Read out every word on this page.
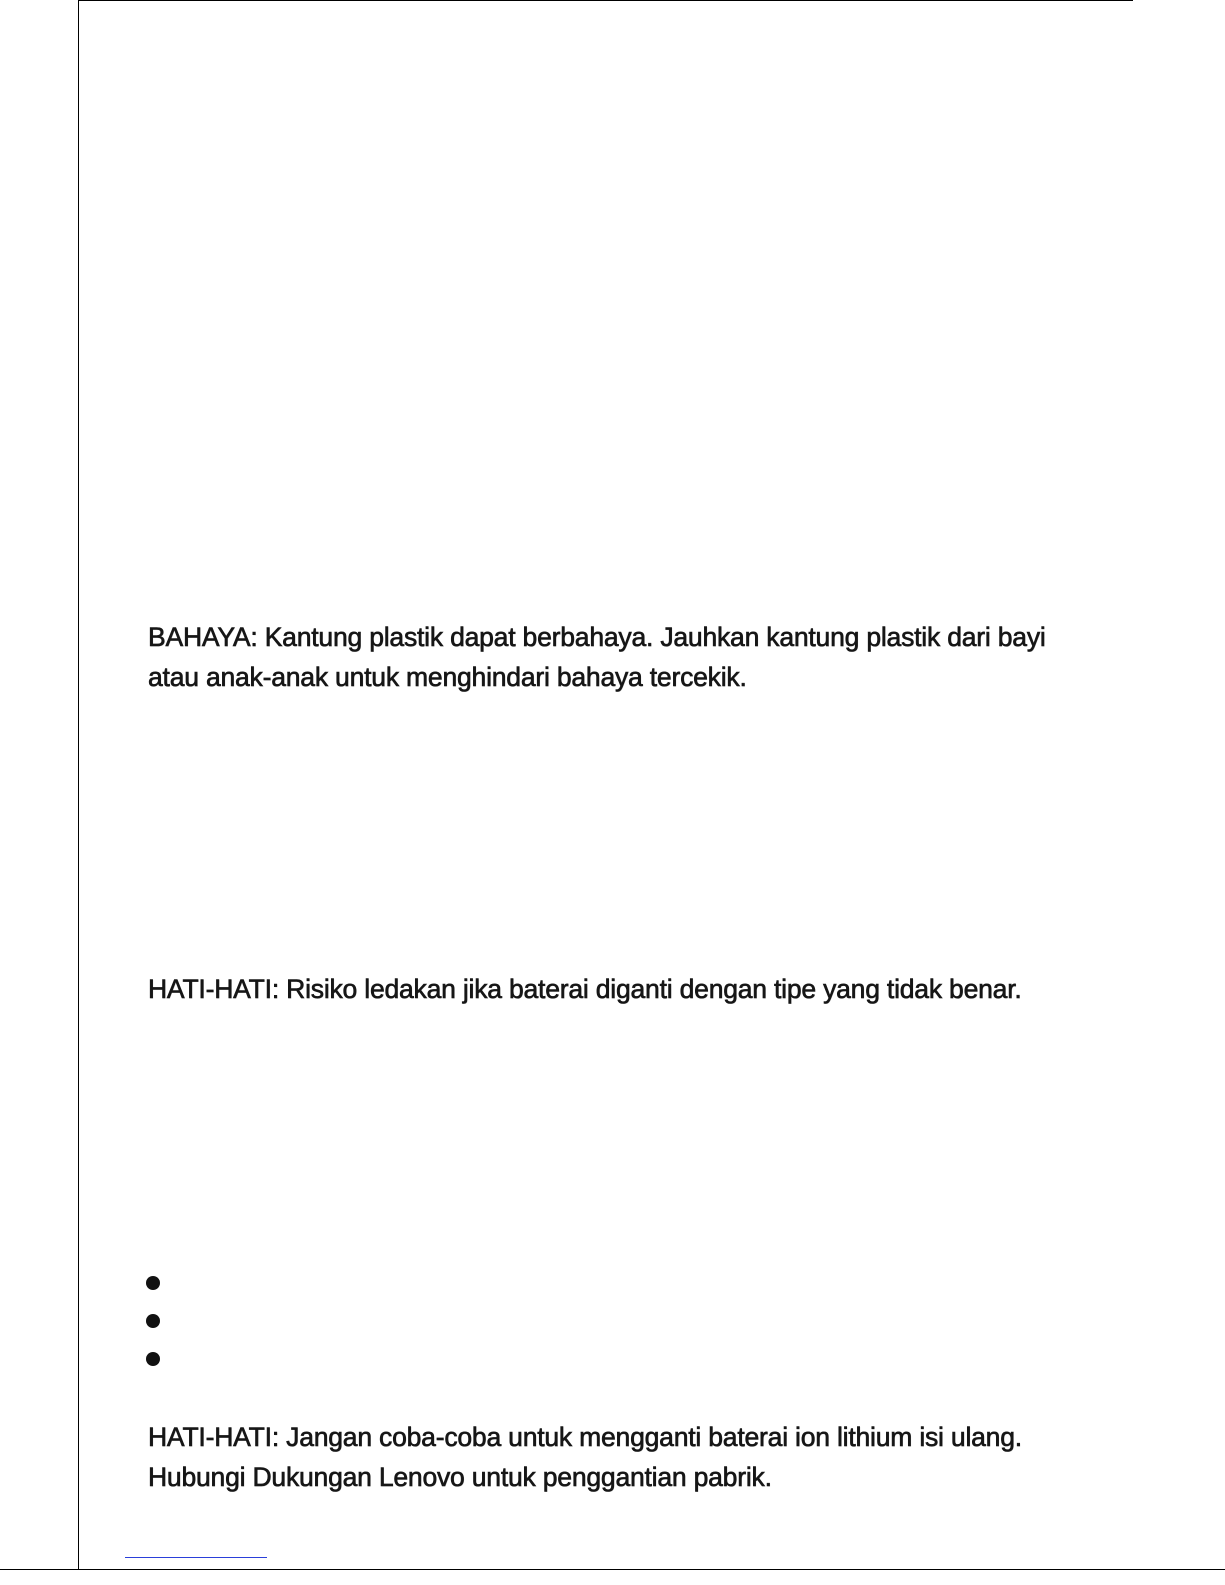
BAHAYA: Kantung plastik dapat berbahaya. Jauhkan kantung plastik dari bayi atau anak-anak untuk menghindari bahaya tercekik.

HATI-HATI: Risiko ledakan jika baterai diganti dengan tipe yang tidak benar.

HATI-HATI: Jangan coba-coba untuk mengganti baterai ion lithium isi ulang. Hubungi Dukungan Lenovo untuk penggantian pabrik.
